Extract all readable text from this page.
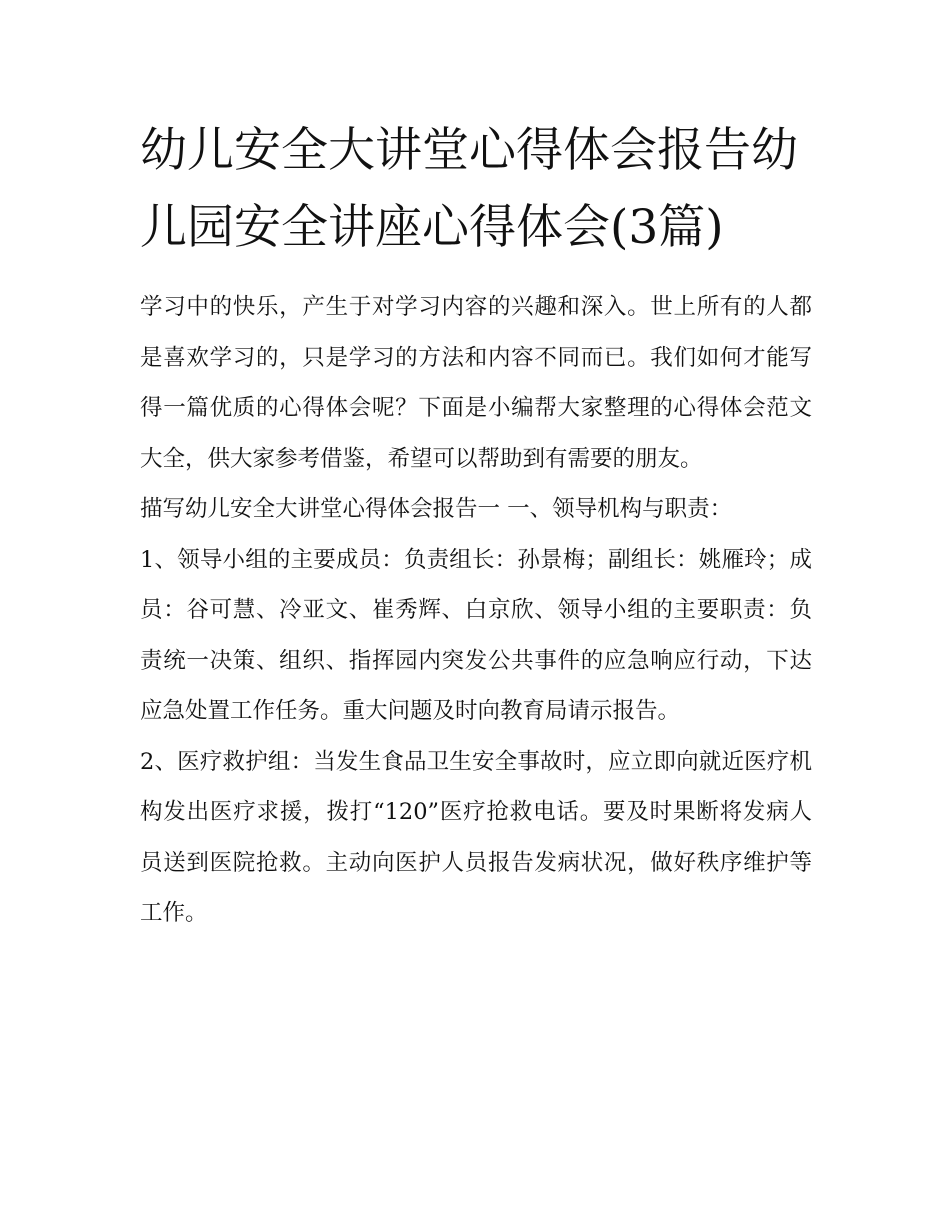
幼儿安全大讲堂心得体会报告幼儿园安全讲座心得体会(3篇)

学习中的快乐，产生于对学习内容的兴趣和深入。世上所有的人都是喜欢学习的，只是学习的方法和内容不同而已。我们如何才能写得一篇优质的心得体会呢？下面是小编帮大家整理的心得体会范文大全，供大家参考借鉴，希望可以帮助到有需要的朋友。

描写幼儿安全大讲堂心得体会报告一 一、领导机构与职责：

1、领导小组的主要成员：负责组长：孙景梅；副组长：姚雁玲；成员：谷可慧、冷亚文、崔秀辉、白京欣、领导小组的主要职责：负责统一决策、组织、指挥园内突发公共事件的应急响应行动，下达应急处置工作任务。重大问题及时向教育局请示报告。

2、医疗救护组：当发生食品卫生安全事故时，应立即向就近医疗机构发出医疗求援，拨打“120”医疗抢救电话。要及时果断将发病人员送到医院抢救。主动向医护人员报告发病状况，做好秩序维护等工作。
